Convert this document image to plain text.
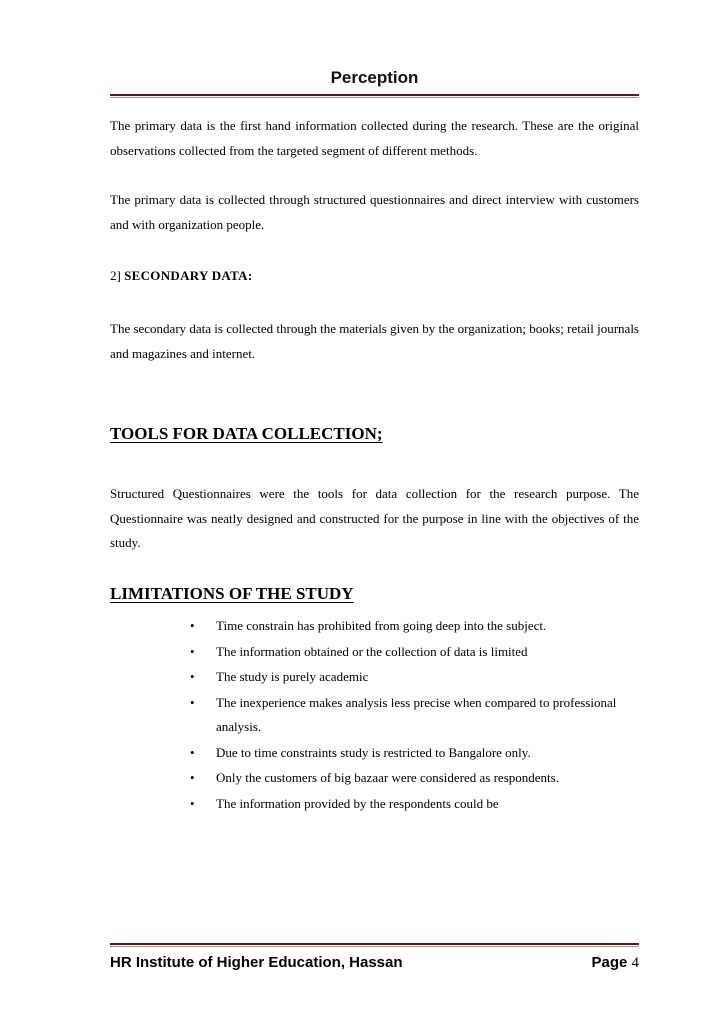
Perception

The primary data is the first hand information collected during the research. These are the original observations collected from the targeted segment of different methods.

The primary data is collected through structured questionnaires and direct interview with customers and with organization people.

2] SECONDARY DATA:

The secondary data is collected through the materials given by the organization; books; retail journals and magazines and internet.

TOOLS FOR DATA COLLECTION;

Structured Questionnaires were the tools for data collection for the research purpose. The Questionnaire was neatly designed and constructed for the purpose in line with the objectives of the study.

LIMITATIONS OF THE STUDY
• Time constrain has prohibited from going deep into the subject.
• The information obtained or the collection of data is limited
• The study is purely academic
• The inexperience makes analysis less precise when compared to professional analysis.
• Due to time constraints study is restricted to Bangalore only.
• Only the customers of big bazaar were considered as respondents.
• The information provided by the respondents could be
HR Institute of Higher Education, Hassan	Page 4
